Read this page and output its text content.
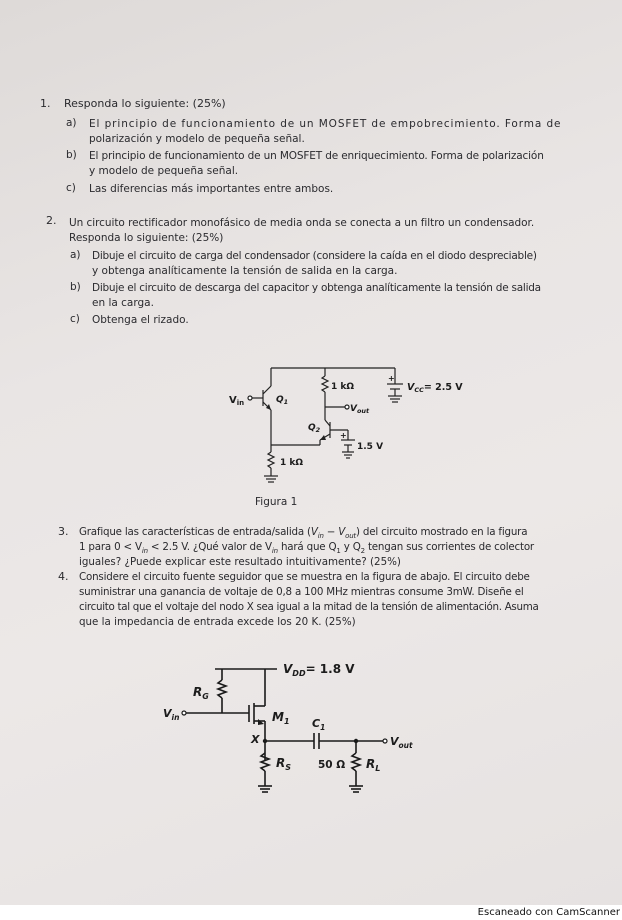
1. Responda lo siguiente: (25%)
a) El principio de funcionamiento de un MOSFET de empobrecimiento. Forma de
polarización y modelo de pequeña señal.
b) El principio de funcionamiento de un MOSFET de enriquecimiento. Forma de polarización
y modelo de pequeña señal.
c) Las diferencias más importantes entre ambos.
2. Un circuito rectificador monofásico de media onda se conecta a un filtro un condensador.
Responda lo siguiente: (25%)
a) Dibuje el circuito de carga del condensador (considere la caída en el diodo despreciable)
y obtenga analíticamente la tensión de salida en la carga.
b) Dibuje el circuito de descarga del capacitor y obtenga analíticamente la tensión de salida
en la carga.
c) Obtenga el rizado.
$V_{in}$	$Q_1$
1 kΩ
$V_{out}$
$V_{CC}= 2.5$ V
+
$Q_2$
+
1.5 V
1 kΩ
Figura 1
3. Grafique las características de entrada/salida $(V_{in} - V_{out})$ del circuito mostrado en la figura
1 para $0 < V_{in} < 2.5$ V. ¿Qué valor de $V_{in}$ hará que $Q_1$ y $Q_2$ tengan sus corrientes de colector
iguales? ¿Puede explicar este resultado intuitivamente? (25%)
4. Considere el circuito fuente seguidor que se muestra en la figura de abajo. El circuito debe
suministrar una ganancia de voltaje de 0,8 a 100 MHz mientras consume 3mW. Diseñe el
circuito tal que el voltaje del nodo X sea igual a la mitad de la tensión de alimentación. Asuma
que la impedancia de entrada excede los 20 K. (25%)
$V_{DD}= 1.8$ V
$R_G$
$V_{in}$	$M_1$
X
$C_1$
$V_{out}$
$R_S$	50 Ω $R_L$
Escaneado con CamScanner
